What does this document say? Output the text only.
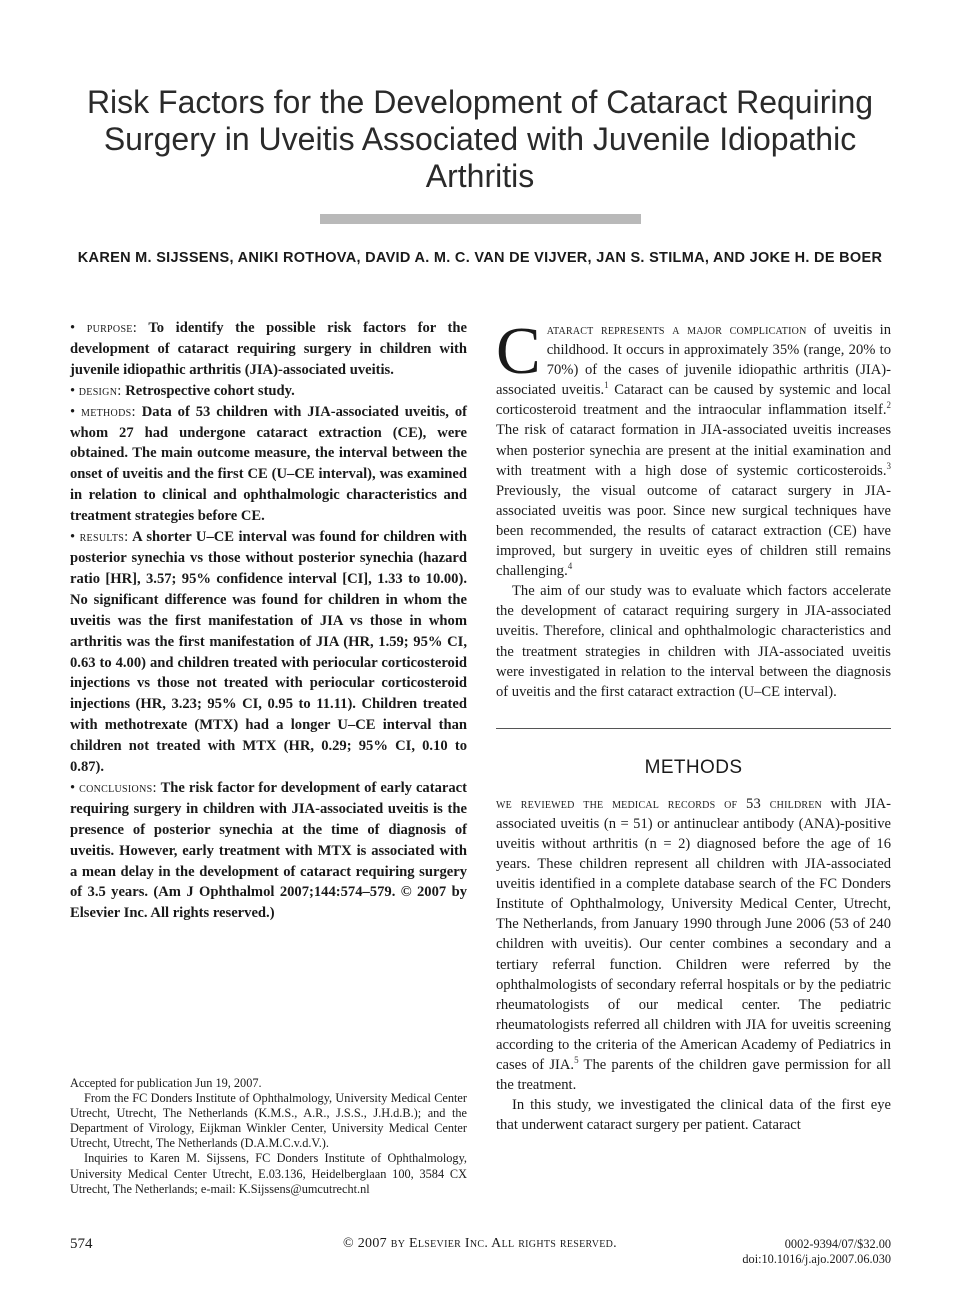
Risk Factors for the Development of Cataract Requiring Surgery in Uveitis Associated with Juvenile Idiopathic Arthritis
KAREN M. SIJSSENS, ANIKI ROTHOVA, DAVID A. M. C. VAN DE VIJVER, JAN S. STILMA, AND JOKE H. DE BOER

• purpose: To identify the possible risk factors for the development of cataract requiring surgery in children with juvenile idiopathic arthritis (JIA)-associated uveitis.

• design: Retrospective cohort study.

• methods: Data of 53 children with JIA-associated uveitis, of whom 27 had undergone cataract extraction (CE), were obtained. The main outcome measure, the interval between the onset of uveitis and the first CE (U–CE interval), was examined in relation to clinical and ophthalmologic characteristics and treatment strategies before CE.

• results: A shorter U–CE interval was found for children with posterior synechia vs those without posterior synechia (hazard ratio [HR], 3.57; 95% confidence interval [CI], 1.33 to 10.00). No significant difference was found for children in whom the uveitis was the first manifestation of JIA vs those in whom arthritis was the first manifestation of JIA (HR, 1.59; 95% CI, 0.63 to 4.00) and children treated with periocular corticosteroid injections vs those not treated with periocular corticosteroid injections (HR, 3.23; 95% CI, 0.95 to 11.11). Children treated with methotrexate (MTX) had a longer U–CE interval than children not treated with MTX (HR, 0.29; 95% CI, 0.10 to 0.87).

• conclusions: The risk factor for development of early cataract requiring surgery in children with JIA-associated uveitis is the presence of posterior synechia at the time of diagnosis of uveitis. However, early treatment with MTX is associated with a mean delay in the development of cataract requiring surgery of 3.5 years. (Am J Ophthalmol 2007;144:574–579. © 2007 by Elsevier Inc. All rights reserved.)

Accepted for publication Jun 19, 2007.

From the FC Donders Institute of Ophthalmology, University Medical Center Utrecht, Utrecht, The Netherlands (K.M.S., A.R., J.S.S., J.H.d.B.); and the Department of Virology, Eijkman Winkler Center, University Medical Center Utrecht, Utrecht, The Netherlands (D.A.M.C.v.d.V.).

Inquiries to Karen M. Sijssens, FC Donders Institute of Ophthalmology, University Medical Center Utrecht, E.03.136, Heidelberglaan 100, 3584 CX Utrecht, The Netherlands; e-mail: K.Sijssens@umcutrecht.nl

Cataract represents a major complication of uveitis in childhood. It occurs in approximately 35% (range, 20% to 70%) of the cases of juvenile idiopathic arthritis (JIA)-associated uveitis.$^1$ Cataract can be caused by systemic and local corticosteroid treatment and the intraocular inflammation itself.$^2$ The risk of cataract formation in JIA-associated uveitis increases when posterior synechia are present at the initial examination and with treatment with a high dose of systemic corticosteroids.$^3$ Previously, the visual outcome of cataract surgery in JIA-associated uveitis was poor. Since new surgical techniques have been recommended, the results of cataract extraction (CE) have improved, but surgery in uveitic eyes of children still remains challenging.$^4$

The aim of our study was to evaluate which factors accelerate the development of cataract requiring surgery in JIA-associated uveitis. Therefore, clinical and ophthalmologic characteristics and the treatment strategies in children with JIA-associated uveitis were investigated in relation to the interval between the diagnosis of uveitis and the first cataract extraction (U–CE interval).

METHODS

we reviewed the medical records of 53 children with JIA-associated uveitis (n = 51) or antinuclear antibody (ANA)-positive uveitis without arthritis (n = 2) diagnosed before the age of 16 years. These children represent all children with JIA-associated uveitis identified in a complete database search of the FC Donders Institute of Ophthalmology, University Medical Center, Utrecht, The Netherlands, from January 1990 through June 2006 (53 of 240 children with uveitis). Our center combines a secondary and a tertiary referral function. Children were referred by the ophthalmologists of secondary referral hospitals or by the pediatric rheumatologists of our medical center. The pediatric rheumatologists referred all children with JIA for uveitis screening according to the criteria of the American Academy of Pediatrics in cases of JIA.$^5$ The parents of the children gave permission for all the treatment.

In this study, we investigated the clinical data of the first eye that underwent cataract surgery per patient. Cataract

574	© 2007 by Elsevier Inc. All rights reserved.	0002-9394/07/$32.00
doi:10.1016/j.ajo.2007.06.030
